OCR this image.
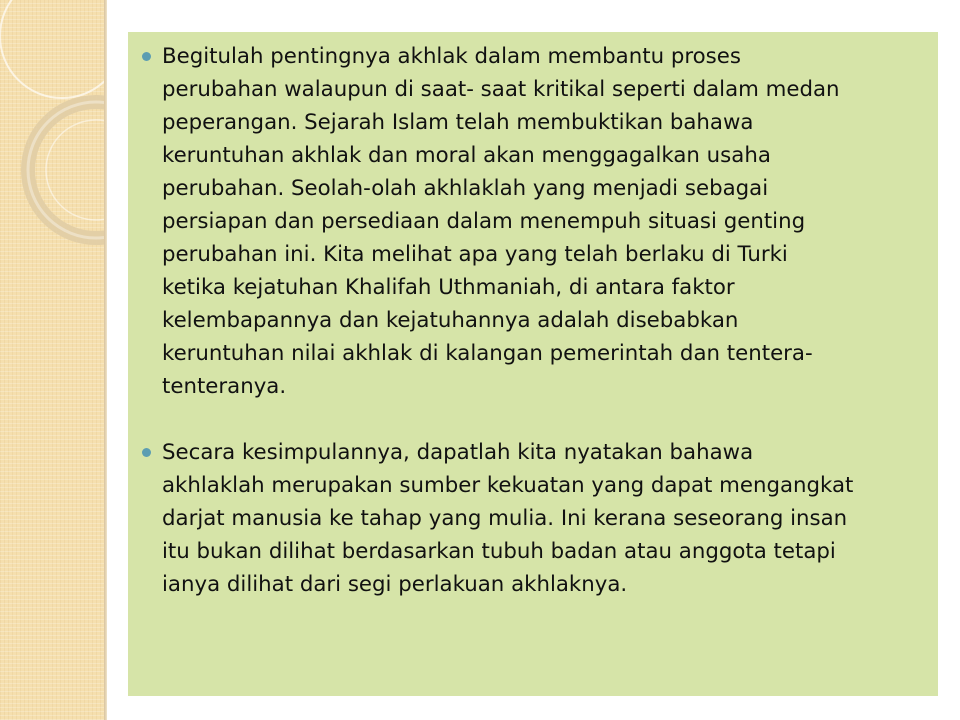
Begitulah pentingnya akhlak dalam membantu proses
perubahan walaupun di saat- saat kritikal seperti dalam medan
peperangan. Sejarah Islam telah membuktikan bahawa
keruntuhan akhlak dan moral akan menggagalkan usaha
perubahan. Seolah-olah akhlaklah yang menjadi sebagai
persiapan dan persediaan dalam menempuh situasi genting
perubahan ini. Kita melihat apa yang telah berlaku di Turki
ketika kejatuhan Khalifah Uthmaniah, di antara faktor
kelembapannya dan kejatuhannya adalah disebabkan
keruntuhan nilai akhlak di kalangan pemerintah dan tentera-
tenteranya.
Secara kesimpulannya, dapatlah kita nyatakan bahawa
akhlaklah merupakan sumber kekuatan yang dapat mengangkat
darjat manusia ke tahap yang mulia. Ini kerana seseorang insan
itu bukan dilihat berdasarkan tubuh badan atau anggota tetapi
ianya dilihat dari segi perlakuan akhlaknya.
